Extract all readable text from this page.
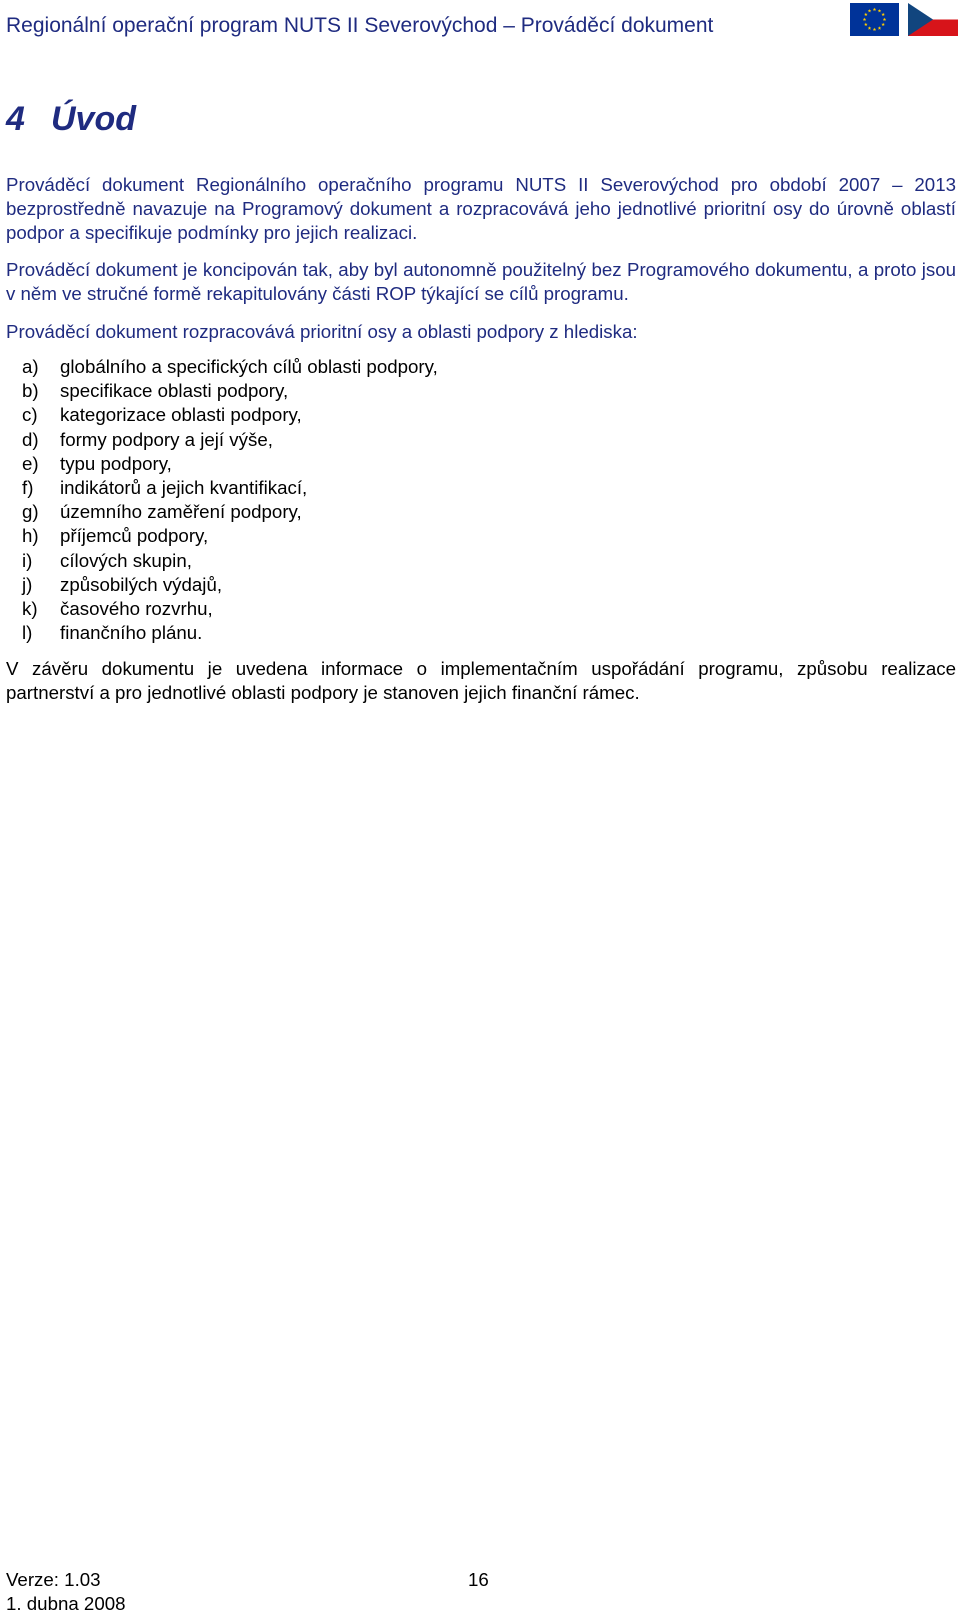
Regionální operační program NUTS II Severovýchod – Prováděcí dokument
4 Úvod

Prováděcí dokument Regionálního operačního programu NUTS II Severovýchod pro období 2007 – 2013 bezprostředně navazuje na Programový dokument a rozpracovává jeho jednotlivé prioritní osy do úrovně oblastí podpor a specifikuje podmínky pro jejich realizaci.

Prováděcí dokument je koncipován tak, aby byl autonomně použitelný bez Programového dokumentu, a proto jsou v něm ve stručné formě rekapitulovány části ROP týkající se cílů programu.

Prováděcí dokument rozpracovává prioritní osy a oblasti podpory z hlediska:

a) globálního a specifických cílů oblasti podpory,
b) specifikace oblasti podpory,
c) kategorizace oblasti podpory,
d) formy podpory a její výše,
e) typu podpory,
f) indikátorů a jejich kvantifikací,
g) územního zaměření podpory,
h) příjemců podpory,
i) cílových skupin,
j) způsobilých výdajů,
k) časového rozvrhu,
l) finančního plánu.

V závěru dokumentu je uvedena informace o implementačním uspořádání programu, způsobu realizace partnerství a pro jednotlivé oblasti podpory je stanoven jejich finanční rámec.

Verze: 1.03	16
1. dubna 2008
